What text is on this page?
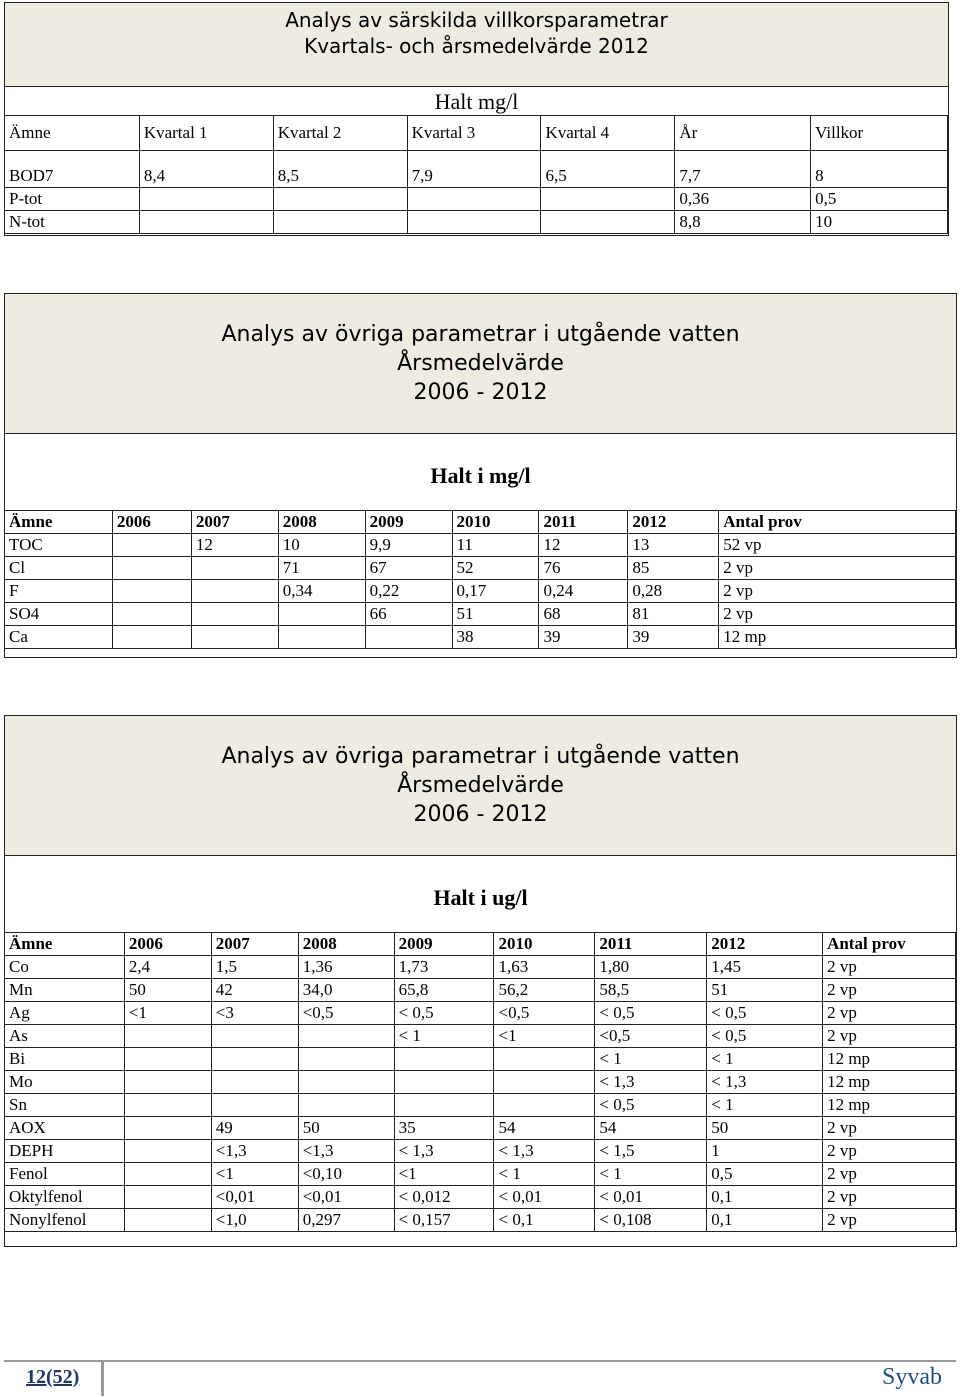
Analys av särskilda villkorsparametrar
Kvartals- och årsmedelvärde 2012
Halt mg/l
Ämne	Kvartal 1	Kvartal 2	Kvartal 3	Kvartal 4	År	Villkor
BOD7	8,4	8,5	7,9	6,5	7,7	8
P-tot					0,36	0,5
N-tot					8,8	10
Analys av övriga parametrar i utgående vatten
Årsmedelvärde
2006 - 2012
Halt i mg/l
Ämne	2006	2007	2008	2009	2010	2011	2012	Antal prov
TOC		12	10	9,9	11	12	13	52 vp
Cl			71	67	52	76	85	2 vp
F			0,34	0,22	0,17	0,24	0,28	2 vp
SO4				66	51	68	81	2 vp
Ca					38	39	39	12 mp
Analys av övriga parametrar i utgående vatten
Årsmedelvärde
2006 - 2012
Halt i ug/l
Ämne	2006	2007	2008	2009	2010	2011	2012	Antal prov
Co	2,4	1,5	1,36	1,73	1,63	1,80	1,45	2 vp
Mn	50	42	34,0	65,8	56,2	58,5	51	2 vp
Ag	<1	<3	<0,5	< 0,5	<0,5	< 0,5	< 0,5	2 vp
As				< 1	<1	<0,5	< 0,5	2 vp
Bi						< 1	< 1	12 mp
Mo						< 1,3	< 1,3	12 mp
Sn						< 0,5	< 1	12 mp
AOX		49	50	35	54	54	50	2 vp
DEPH		<1,3	<1,3	< 1,3	< 1,3	< 1,5	1	2 vp
Fenol		<1	<0,10	<1	< 1	< 1	0,5	2 vp
Oktylfenol		<0,01	<0,01	< 0,012	< 0,01	< 0,01	0,1	2 vp
Nonylfenol		<1,0	0,297	< 0,157	< 0,1	< 0,108	0,1	2 vp
12(52)	Syvab
